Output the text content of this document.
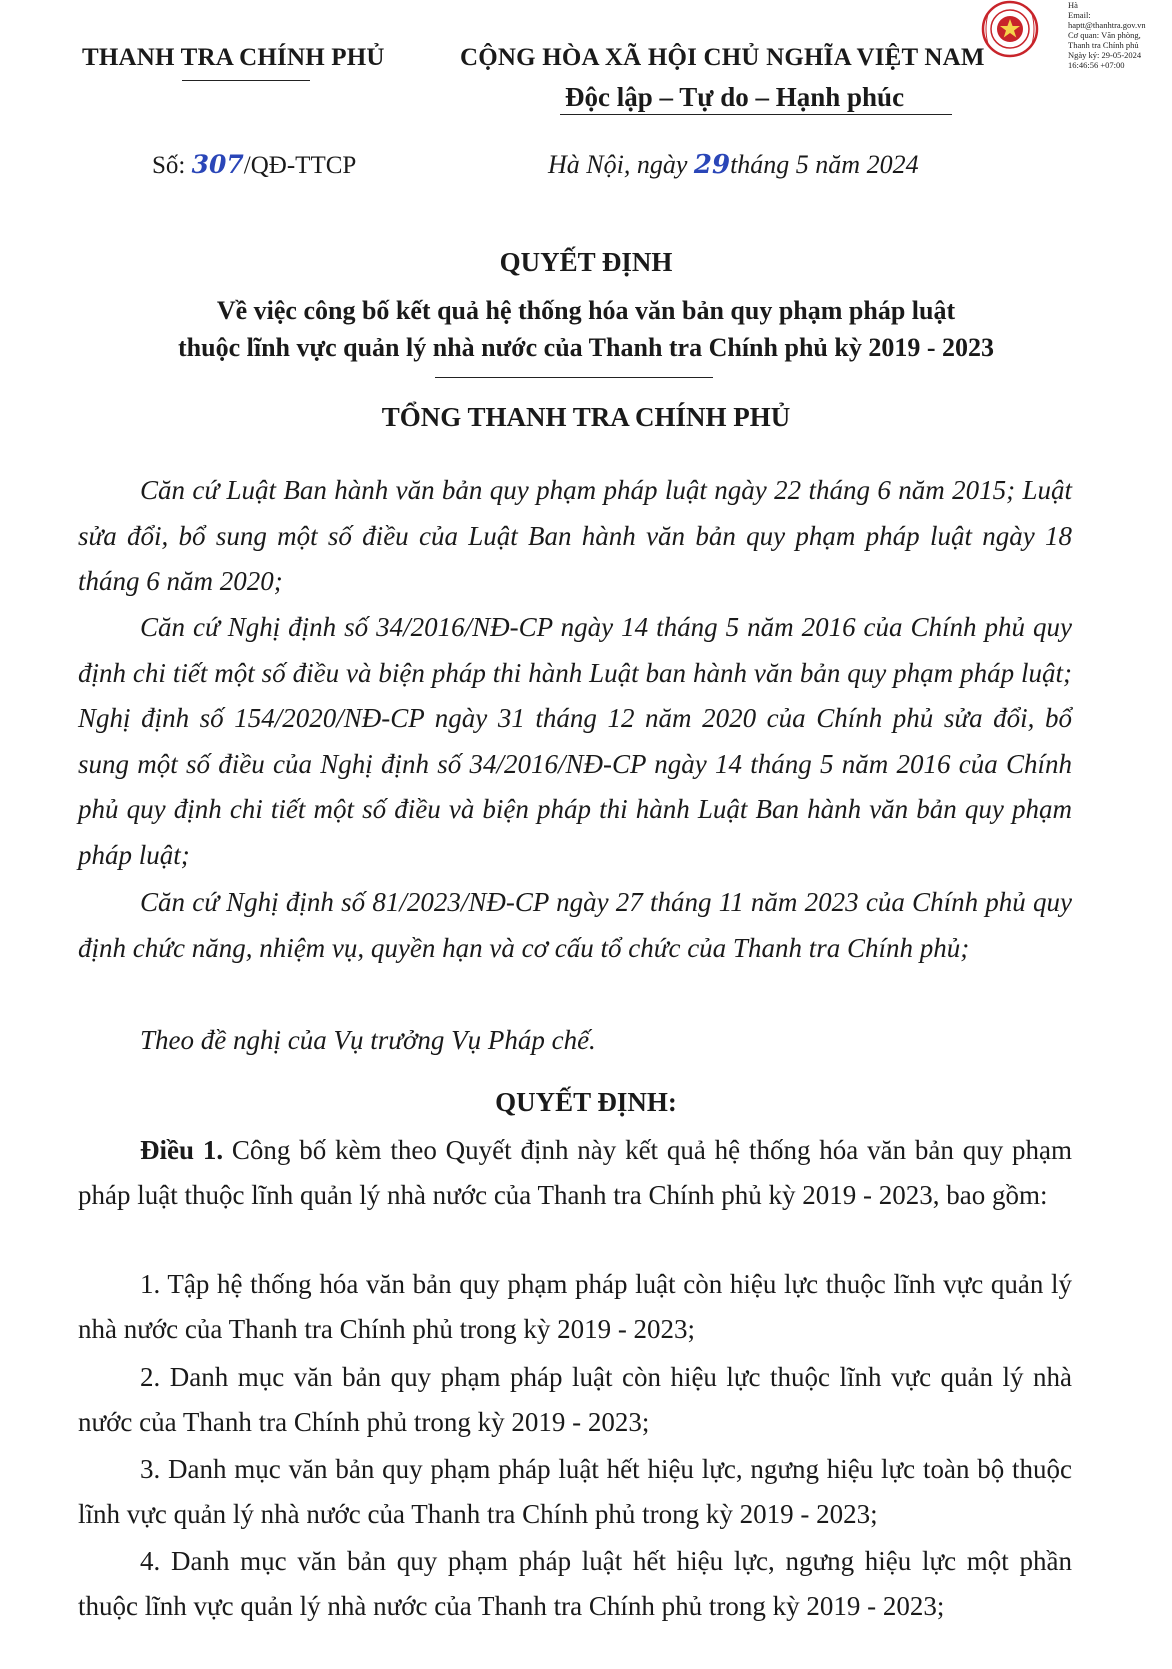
Hà
Email:
haptt@thanhtra.gov.vn
Cơ quan: Văn phòng,
Thanh tra Chính phủ
Ngày ký: 29-05-2024
16:46:56 +07:00
THANH TRA CHÍNH PHỦ	CỘNG HÒA XÃ HỘI CHỦ NGHĨA VIỆT NAM
Độc lập – Tự do – Hạnh phúc
Số: 307/QĐ-TTCP	Hà Nội, ngày 29tháng 5 năm 2024
QUYẾT ĐỊNH
Về việc công bố kết quả hệ thống hóa văn bản quy phạm pháp luật
thuộc lĩnh vực quản lý nhà nước của Thanh tra Chính phủ kỳ 2019 - 2023
TỔNG THANH TRA CHÍNH PHỦ
Căn cứ Luật Ban hành văn bản quy phạm pháp luật ngày 22 tháng 6 năm 2015; Luật sửa đổi, bổ sung một số điều của Luật Ban hành văn bản quy phạm pháp luật ngày 18 tháng 6 năm 2020;
Căn cứ Nghị định số 34/2016/NĐ-CP ngày 14 tháng 5 năm 2016 của Chính phủ quy định chi tiết một số điều và biện pháp thi hành Luật ban hành văn bản quy phạm pháp luật; Nghị định số 154/2020/NĐ-CP ngày 31 tháng 12 năm 2020 của Chính phủ sửa đổi, bổ sung một số điều của Nghị định số 34/2016/NĐ-CP ngày 14 tháng 5 năm 2016 của Chính phủ quy định chi tiết một số điều và biện pháp thi hành Luật Ban hành văn bản quy phạm pháp luật;
Căn cứ Nghị định số 81/2023/NĐ-CP ngày 27 tháng 11 năm 2023 của Chính phủ quy định chức năng, nhiệm vụ, quyền hạn và cơ cấu tổ chức của Thanh tra Chính phủ;
Theo đề nghị của Vụ trưởng Vụ Pháp chế.
QUYẾT ĐỊNH:
Điều 1. Công bố kèm theo Quyết định này kết quả hệ thống hóa văn bản quy phạm pháp luật thuộc lĩnh quản lý nhà nước của Thanh tra Chính phủ kỳ 2019 - 2023, bao gồm:
1. Tập hệ thống hóa văn bản quy phạm pháp luật còn hiệu lực thuộc lĩnh vực quản lý nhà nước của Thanh tra Chính phủ trong kỳ 2019 - 2023;
2. Danh mục văn bản quy phạm pháp luật còn hiệu lực thuộc lĩnh vực quản lý nhà nước của Thanh tra Chính phủ trong kỳ 2019 - 2023;
3. Danh mục văn bản quy phạm pháp luật hết hiệu lực, ngưng hiệu lực toàn bộ thuộc lĩnh vực quản lý nhà nước của Thanh tra Chính phủ trong kỳ 2019 - 2023;
4. Danh mục văn bản quy phạm pháp luật hết hiệu lực, ngưng hiệu lực một phần thuộc lĩnh vực quản lý nhà nước của Thanh tra Chính phủ trong kỳ 2019 - 2023;
